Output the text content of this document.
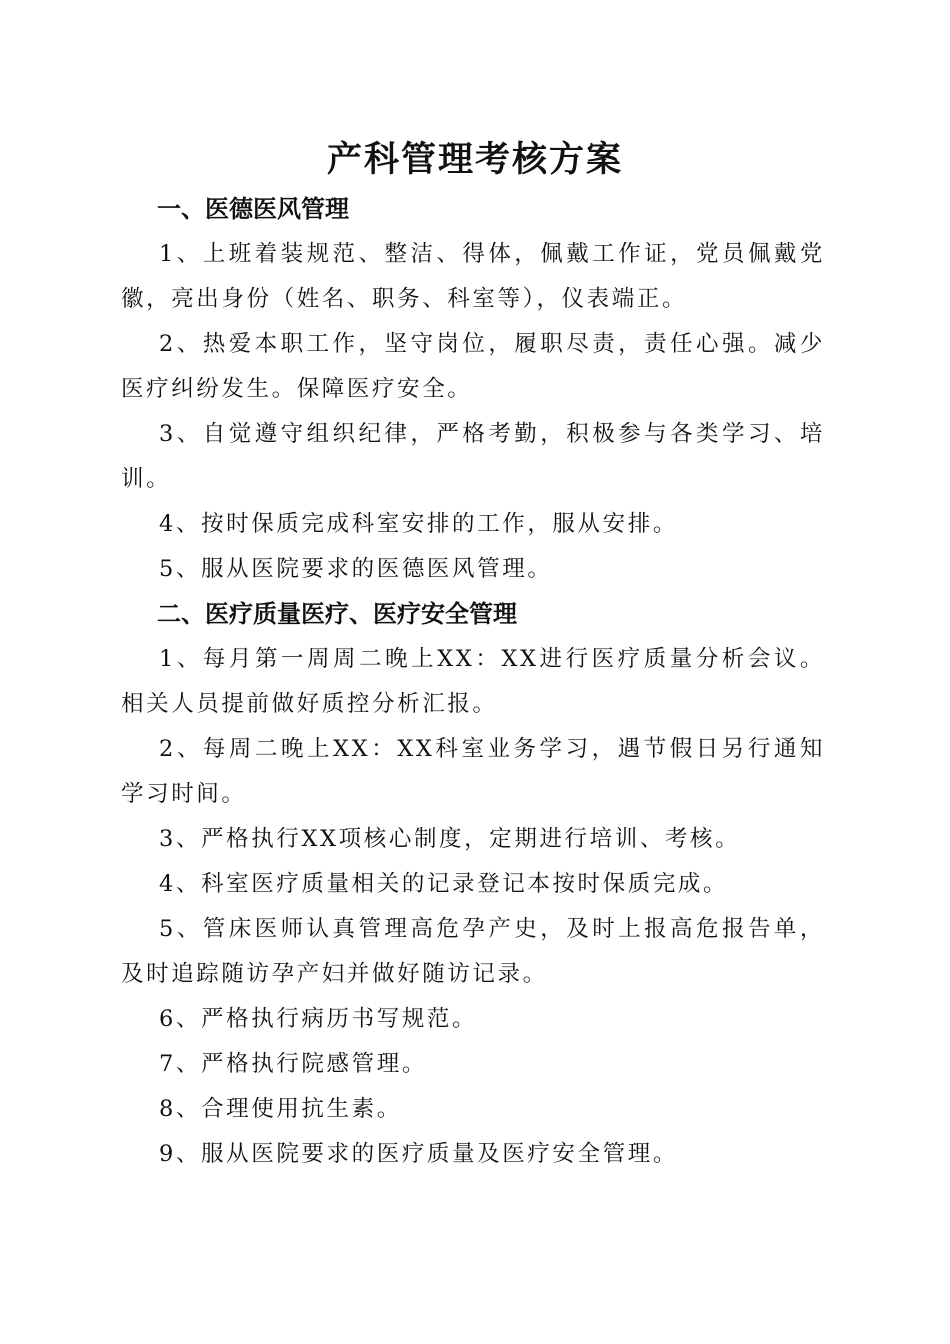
产科管理考核方案
一、医德医风管理

1、上班着装规范、整洁、得体，佩戴工作证，党员佩戴党徽，亮出身份（姓名、职务、科室等），仪表端正。

2、热爱本职工作，坚守岗位，履职尽责，责任心强。减少医疗纠纷发生。保障医疗安全。

3、自觉遵守组织纪律，严格考勤，积极参与各类学习、培训。

4、按时保质完成科室安排的工作，服从安排。

5、服从医院要求的医德医风管理。

二、医疗质量医疗、医疗安全管理

1、每月第一周周二晚上XX：XX进行医疗质量分析会议。相关人员提前做好质控分析汇报。

2、每周二晚上XX：XX科室业务学习，遇节假日另行通知学习时间。

3、严格执行XX项核心制度，定期进行培训、考核。

4、科室医疗质量相关的记录登记本按时保质完成。

5、管床医师认真管理高危孕产史，及时上报高危报告单，及时追踪随访孕产妇并做好随访记录。

6、严格执行病历书写规范。

7、严格执行院感管理。

8、合理使用抗生素。

9、服从医院要求的医疗质量及医疗安全管理。
